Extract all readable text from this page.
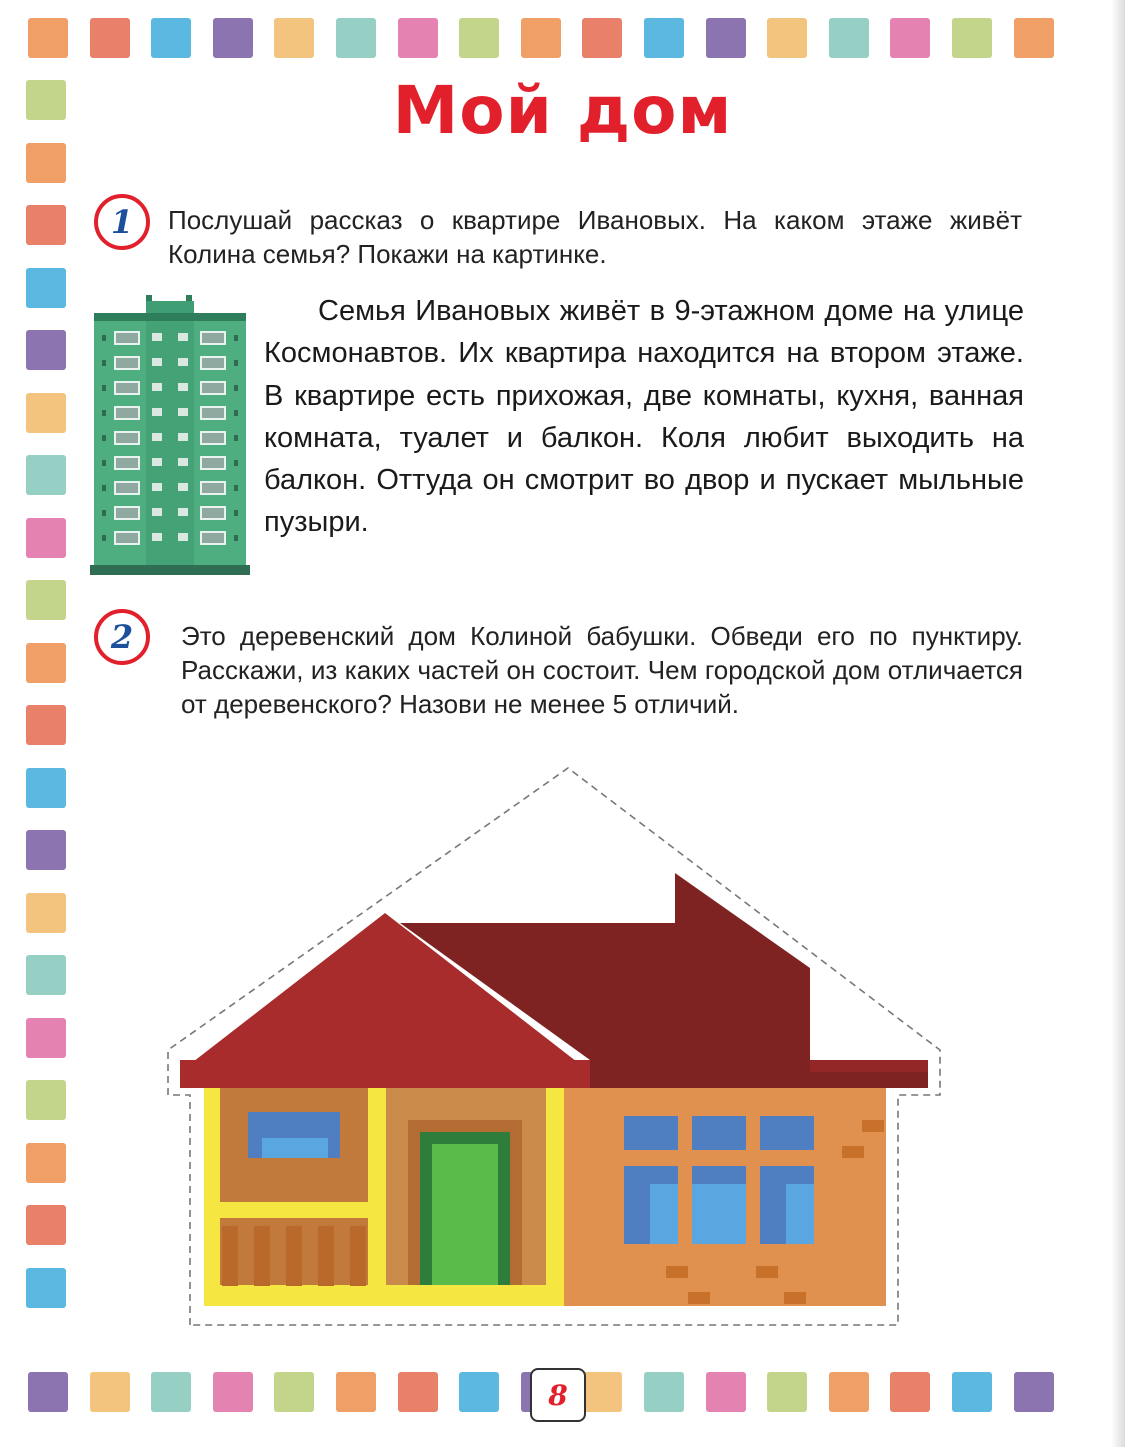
Мой дом
1	Послушай рассказ о квартире Ивановых. На каком этаже живёт Колина семья? Покажи на картинке.
Семья Ивановых живёт в 9-этажном доме на улице Космонавтов. Их квартира находится на втором этаже. В квартире есть прихожая, две комнаты, кухня, ванная комната, туалет и балкон. Коля любит выходить на балкон. Оттуда он смотрит во двор и пускает мыльные пузыри.
2	Это деревенский дом Колиной бабушки. Обведи его по пунктиру. Расскажи, из каких частей он состоит. Чем городской дом отличается от деревенского? Назови не менее 5 отличий.
8
